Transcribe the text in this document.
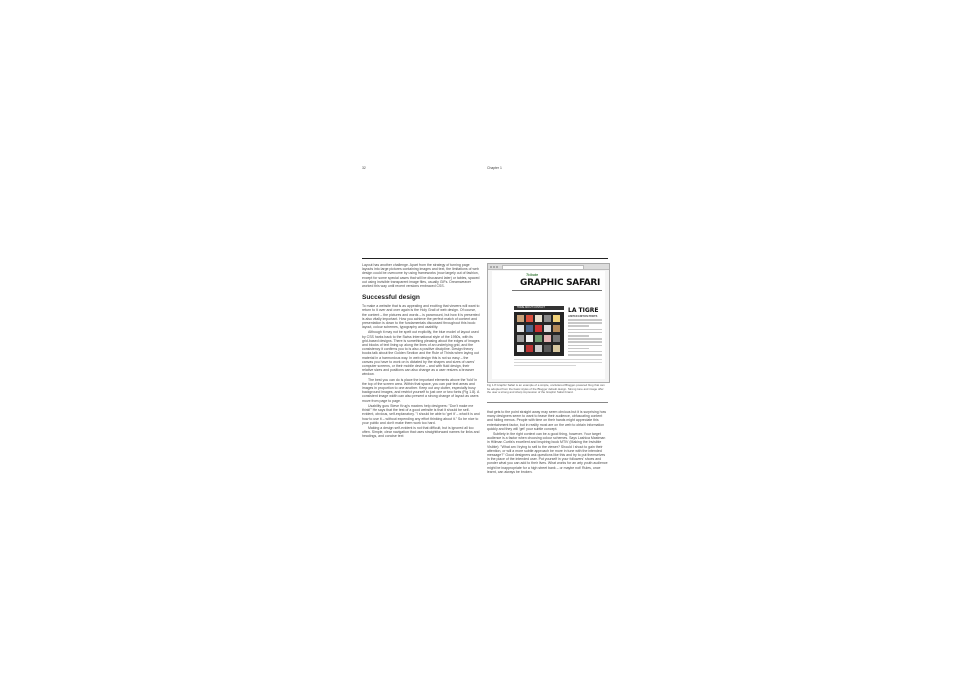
32	Chapter 1

Layout has another challenge. Apart from the strategy of turning page layouts into large pictures containing images and text, the limitations of web design could be overcome by using frameworks (now largely out of fashion, except for some special cases that will be discussed later) or tables, spaced out using invisible transparent image files, usually GIFs. Dreamweaver worked this way until recent versions embraced CSS.

Successful design

To make a website that is as appealing and exciting that viewers will want to return to it over and over again is the Holy Grail of web design. Of course, the content – the pictures and words – is paramount, but how it is presented is also vitally important. How you achieve the perfect match of content and presentation is down to the fundamentals discussed throughout this book: layout, colour schemes, typography and usability.

Although it may not be spelt out explicitly, the blue model of layout used by CSS harks back to the Swiss International style of the 1950s, with its grid-based designs. There is something pleasing about the edges of images and blocks of text lining up along the lines of an underlying grid, and the consistency it confirms you to is also a positive discipline. Design theory books talk about the Golden Section and the Rule of Thirds when laying out material in a harmonious way. In web design this is not so easy – the canvas you have to work on is dictated by the shapes and sizes of users' computer screens, or their mobile device – and with fluid design, their relative sizes and positions can also change as a user resizes a browser window.

The best you can do is place the important elements above the 'fold' in the top of the screen area. Within that space, you can pair text areas and images in proportion to one another. Keep out any clutter, especially busy background images, and restrict yourself to just one or two fonts (Fig 1.8). A consistent image width can also present a strong change of layout as users move from page to page.

Usability guru Steve Krug's maxims help designers: "Don't make me think!" He says that the test of a good website is that it should be self-evident, obvious, self-explanatory. "I should be able to 'get it' – what it is and how to use it – without expending any effort thinking about it." So be nice to your public and don't make them work too hard.

Making a design self-evident is not that difficult, but is ignored all too often. Simple, clear navigation that uses straightforward names for links and headings, and concise text

Tribute
GRAPHIC SAFARI
HOME ABOUT CONTACT	LA TIGRE
LIMITED EDITION PRINTS
Fig 1.8 Graphic Safari is an example of a simple, uncluttered Blogger-powered blog that can be adopted from the basic styles of the Blogger default design. Strong tone and image offer the user a strong and sharp impression of the Graphic Safari brand.

that gets to the point straight away may seem obvious but it is surprising how many designers seem to want to tease their audience, obfuscating content and hiding menus. People with time on their hands might appreciate this entertainment factor, but in reality most are on the web to obtain information quickly and they will 'get' your subtle concept.

Subtlety in the right context can be a good thing, however. Your target audience is a factor when choosing colour schemes. Says Lashica Mastman in Hillman Curtis's excellent and inspiring book MTIV (Making the Invisible Visible): "What am I trying to sell to the viewer? Should I shout to gain their attention, or will a more subtle approach be more in tune with the intended message?" Good designers ask questions like this and try to put themselves in the place of the intended user. Put yourself in your followers' shoes and ponder what you can add to their lives. What works for an arty youth audience might be inappropriate for a high street bank – or maybe not! Rules, once learnt, can always be broken.
